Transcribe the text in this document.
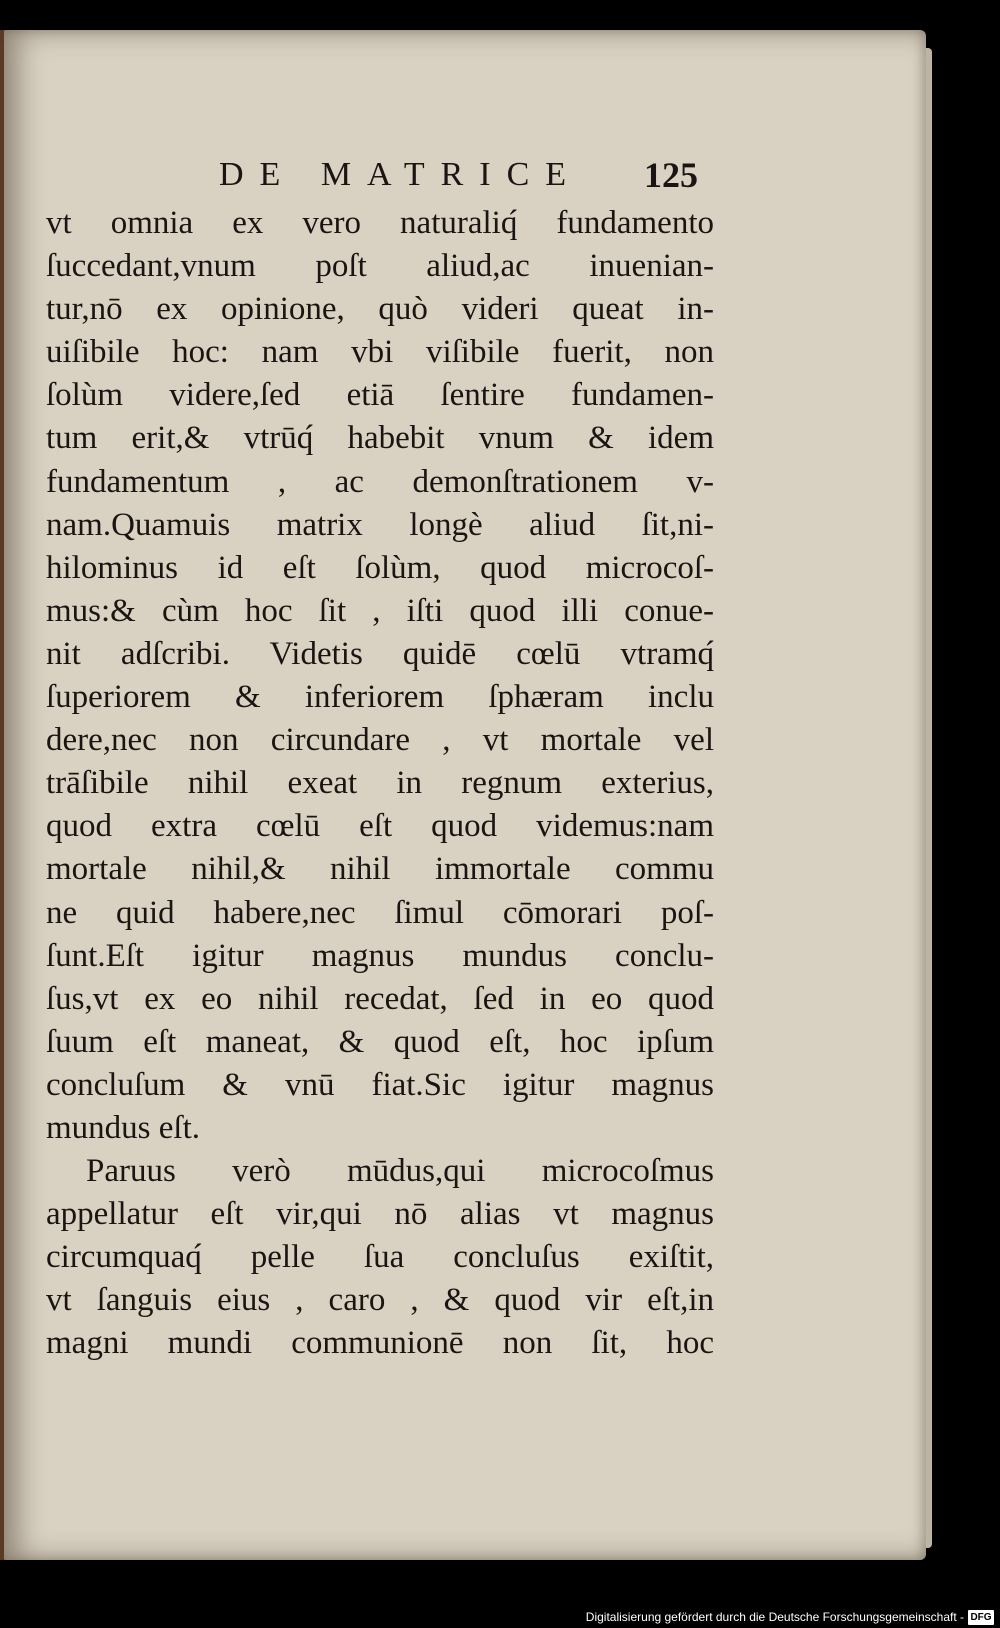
DE MATRICE 125
vt omnia ex vero naturaliq́ fundamento
ſuccedant,vnum poſt aliud,ac inuenian-
tur,nō ex opinione, quò videri queat in-
uiſibile hoc: nam vbi viſibile fuerit, non
ſolùm videre,ſed etiā ſentire fundamen-
tum erit,& vtrūq́ habebit vnum & idem
fundamentum , ac demonſtrationem v-
nam.Quamuis matrix longè aliud ſit,ni-
hilominus id eſt ſolùm, quod microcoſ-
mus:& cùm hoc ſit , iſti quod illi conue-
nit adſcribi. Videtis quidē cœlū vtramq́
ſuperiorem & inferiorem ſphæram inclu
dere,nec non circundare , vt mortale vel
trāſibile nihil exeat in regnum exterius,
quod extra cœlū eſt quod videmus:nam
mortale nihil,& nihil immortale commu
ne quid habere,nec ſimul cōmorari poſ-
ſunt.Eſt igitur magnus mundus conclu-
ſus,vt ex eo nihil recedat, ſed in eo quod
ſuum eſt maneat, & quod eſt, hoc ipſum
concluſum & vnū fiat.Sic igitur magnus
mundus eſt.
Paruus verò mūdus,qui microcoſmus
appellatur eſt vir,qui nō alias vt magnus
circumquaq́ pelle ſua concluſus exiſtit,
vt ſanguis eius , caro , & quod vir eſt,in
magni mundi communionē non ſit, hoc
Digitalisierung gefördert durch die Deutsche Forschungsgemeinschaft - DFG
